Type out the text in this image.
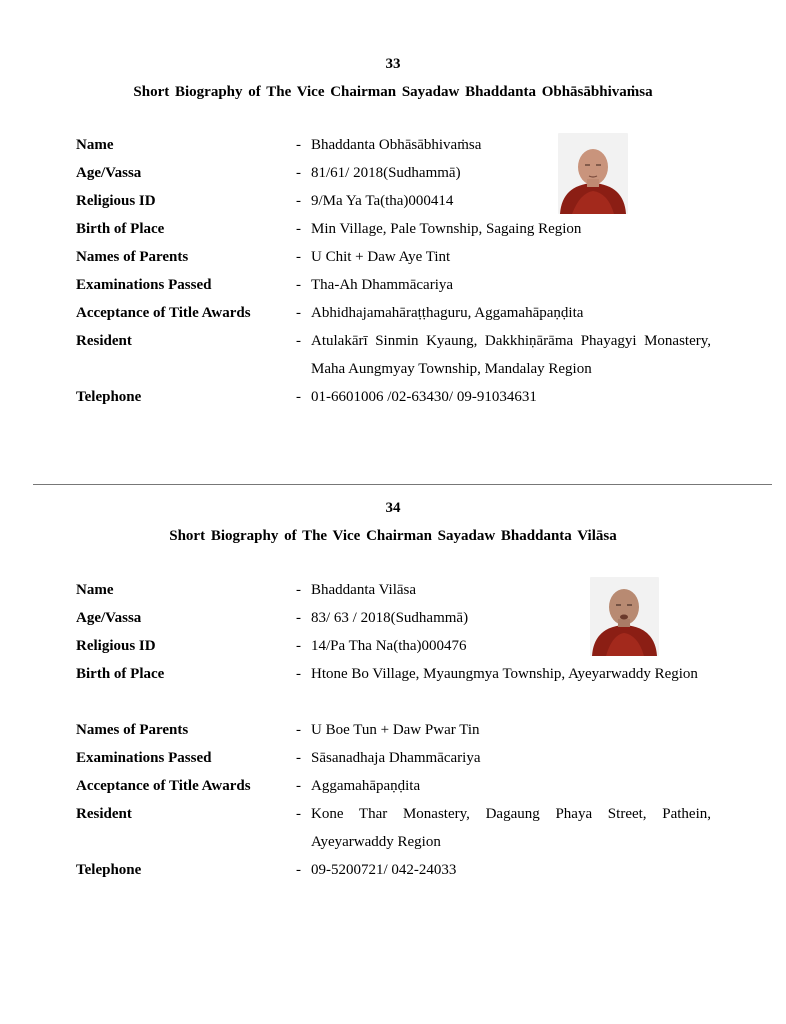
33
Short Biography of The Vice Chairman Sayadaw Bhaddanta Obhāsābhivaṁsa
Name	- Bhaddanta Obhāsābhivaṁsa
Age/Vassa	- 81/61/ 2018(Sudhammā)
Religious ID	- 9/Ma Ya Ta(tha)000414
Birth of Place	- Min Village, Pale Township, Sagaing Region
Names of Parents	- U Chit + Daw Aye Tint
Examinations Passed	- Tha-Ah Dhammācariya
Acceptance of Title Awards	- Abhidhajamahāraṭṭhaguru, Aggamahāpaṇḍita
Resident	- Atulakārī Sinmin Kyaung, Dakkhiṇārāma Phayagyi Monastery, Maha Aungmyay Township, Mandalay Region
Telephone	- 01-6601006 /02-63430/ 09-91034631
34
Short Biography of The Vice Chairman Sayadaw Bhaddanta Vilāsa
Name	- Bhaddanta Vilāsa
Age/Vassa	- 83/ 63 / 2018(Sudhammā)
Religious ID	- 14/Pa Tha Na(tha)000476
Birth of Place	- Htone Bo Village, Myaungmya Township, Ayeyarwaddy Region
Names of Parents	- U Boe Tun + Daw Pwar Tin
Examinations Passed	- Sāsanadhaja Dhammācariya
Acceptance of Title Awards	- Aggamahāpaṇḍita
Resident	- Kone Thar Monastery, Dagaung Phaya Street, Pathein, Ayeyarwaddy Region
Telephone	- 09-5200721/ 042-24033
